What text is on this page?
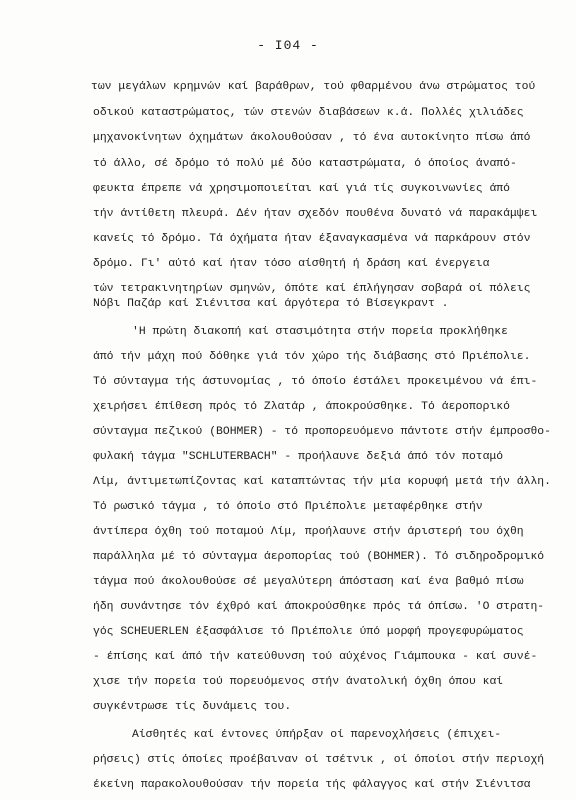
- I04 -
των μεγάλων κρημνών καί βαράθρων, τού φθαρμένου άνω στρώματος τού
οδικού καταστρώματος, τών στενών διαβάσεων κ.ά. Πολλές χιλιάδες
μηχανοκίνητων όχημάτων άκολουθούσαν , τό ένα αυτοκίνητο πίσω άπό
τό άλλο, σέ δρόμο τό πολύ μέ δύο καταστρώματα, ό όποίος άναπό-
φευκτα έπρεπε νά χρησιμοποιείται καί γιά τίς συγκοινωνίες άπό
τήν άντίθετη πλευρά. Δέν ήταν σχεδόν πουθένα δυνατό νά παρακάμψει
κανείς τό δρόμο. Τά όχήματα ήταν έξαναγκασμένα νά παρκάρουν στόν
δρόμο. Γι' αύτό καί ήταν τόσο αίσθητή ή δράση καί ένεργεια
τών τετρακινητηρίων σμηνών, όπότε καί έπλήγησαν σοβαρά οί πόλεις
Νόβι Παζάρ καί Σιένιτσα καί άργότερα τό Βίσεγκραντ .
'Η πρώτη διακοπή καί στασιμότητα στήν πορεία προκλήθηκε
άπό τήν μάχη πού δόθηκε γιά τόν χώρο τής διάβασης στό Πριέπολιε.
Τό σύνταγμα τής άστυνομίας , τό όποίο έστάλει προκειμένου νά έπι-
χειρήσει έπίθεση πρός τό Ζλατάρ , άποκρούσθηκε. Τό άεροπορικό
σύνταγμα πεζικού (BOHMER) - τό προπορευόμενο πάντοτε στήν έμπροσθο-
φυλακή τάγμα "SCHLUTERBACH" - προήλαυνε δεξιά άπό τόν ποταμό
Λίμ, άντιμετωπίζοντας καί καταπτώντας τήν μία κορυφή μετά τήν άλλη.
Τό ρωσικό τάγμα , τό όποίο στό Πριέπολιε μεταφέρθηκε στήν
άντίπερα όχθη τού ποταμού Λίμ, προήλαυνε στήν άριστερή του όχθη
παράλληλα μέ τό σύνταγμα άεροπορίας τού (BOHMER). Τό σιδηροδρομικό
τάγμα πού άκολουθούσε σέ μεγαλύτερη άπόσταση καί ένα βαθμό πίσω
ήδη συνάντησε τόν έχθρό καί άποκρούσθηκε πρός τά όπίσω. 'Ο στρατη-
γός SCHEUERLEN έξασφάλισε τό Πριέπολιε ύπό μορφή προγεφυρώματος
- έπίσης καί άπό τήν κατεύθυνση τού αύχένος Γιάμπουκα - καί συνέ-
χισε τήν πορεία τού πορευόμενος στήν άνατολική όχθη όπου καί
συγκέντρωσε τίς δυνάμεις του.
Αίσθητές καί έντονες ύπήρξαν οί παρενοχλήσεις (έπιχει-
ρήσεις) στίς όποίες προέβαιναν οί τσέτνικ , οί όποίοι στήν περιοχή
έκείνη παρακολουθούσαν τήν πορεία τής φάλαγγος καί στήν Σιένιτσα
